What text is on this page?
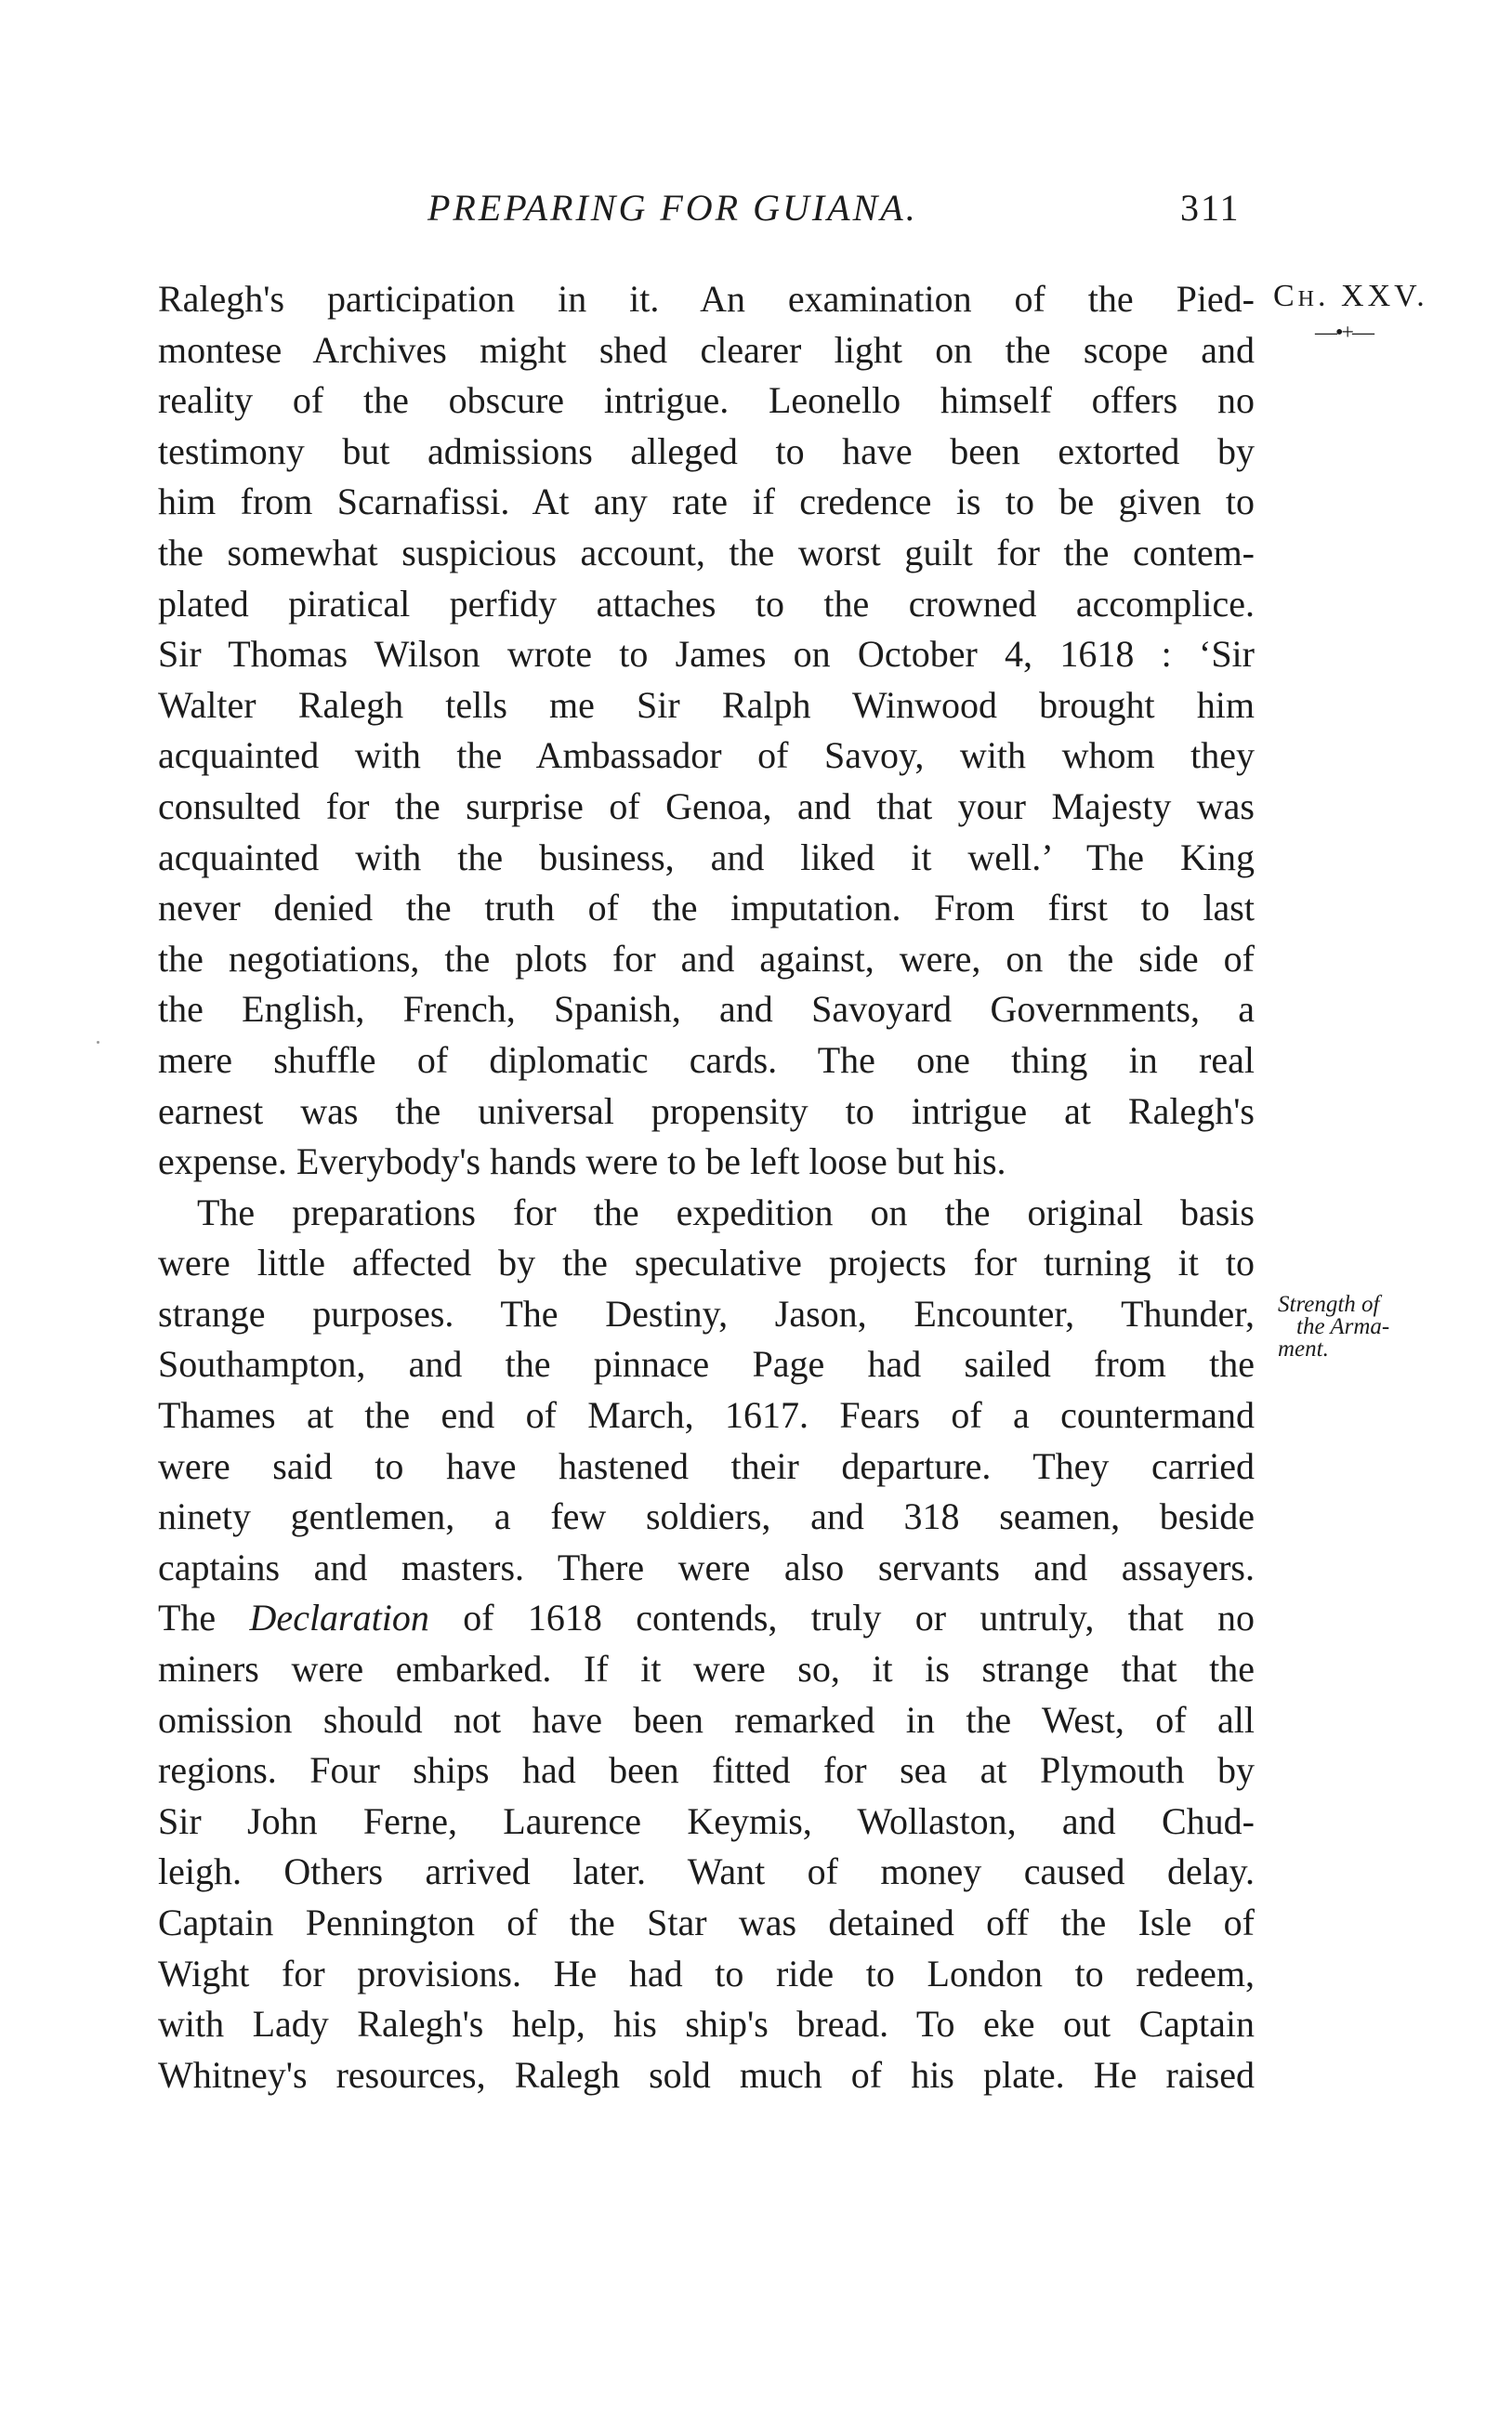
PREPARING FOR GUIANA.	311
Ch. XXV.
—•+—
Strength of
the Arma-
ment.
Ralegh's participation in it. An examination of the Pied-
montese Archives might shed clearer light on the scope and
reality of the obscure intrigue. Leonello himself offers no
testimony but admissions alleged to have been extorted by
him from Scarnafissi. At any rate if credence is to be given to
the somewhat suspicious account, the worst guilt for the contem-
plated piratical perfidy attaches to the crowned accomplice.
Sir Thomas Wilson wrote to James on October 4, 1618 : ‘Sir
Walter Ralegh tells me Sir Ralph Winwood brought him
acquainted with the Ambassador of Savoy, with whom they
consulted for the surprise of Genoa, and that your Majesty was
acquainted with the business, and liked it well.’ The King
never denied the truth of the imputation. From first to last
the negotiations, the plots for and against, were, on the side of
the English, French, Spanish, and Savoyard Governments, a
mere shuffle of diplomatic cards. The one thing in real
earnest was the universal propensity to intrigue at Ralegh's
expense. Everybody's hands were to be left loose but his.
The preparations for the expedition on the original basis
were little affected by the speculative projects for turning it to
strange purposes. The Destiny, Jason, Encounter, Thunder,
Southampton, and the pinnace Page had sailed from the
Thames at the end of March, 1617. Fears of a countermand
were said to have hastened their departure. They carried
ninety gentlemen, a few soldiers, and 318 seamen, beside
captains and masters. There were also servants and assayers.
The Declaration of 1618 contends, truly or untruly, that no
miners were embarked. If it were so, it is strange that the
omission should not have been remarked in the West, of all
regions. Four ships had been fitted for sea at Plymouth by
Sir John Ferne, Laurence Keymis, Wollaston, and Chud-
leigh. Others arrived later. Want of money caused delay.
Captain Pennington of the Star was detained off the Isle of
Wight for provisions. He had to ride to London to redeem,
with Lady Ralegh's help, his ship's bread. To eke out Captain
Whitney's resources, Ralegh sold much of his plate. He raised
